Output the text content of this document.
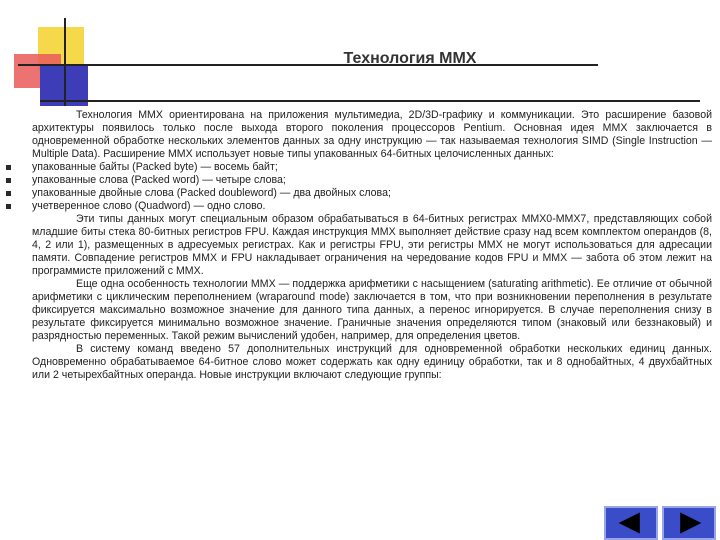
Технология ММХ

Технология MMX ориентирована на приложения мультимедиа, 2D/3D-графику и коммуникации. Это расширение базовой архитектуры появилось только после выхода второго поколения процессоров Pentium. Основная идея MMX заключается в одновременной обработке нескольких элементов данных за одну инструкцию — так называемая технология SIMD (Single Instruction — Multiple Data). Расширение MMX использует новые типы упакованных 64-битных целочисленных данных:

упакованные байты (Packed byte) — восемь байт;
упакованные слова (Packed word) — четыре слова;
упакованные двойные слова (Packed doubleword) — два двойных слова;
учетверенное слово (Quadword) — одно слово.

Эти типы данных могут специальным образом обрабатываться в 64-битных регистрах MMX0-MMX7, представляющих собой младшие биты стека 80-битных регистров FPU. Каждая инструкция MMX выполняет действие сразу над всем комплектом операндов (8, 4, 2 или 1), размещенных в адресуемых регистрах. Как и регистры FPU, эти регистры MMX не могут использоваться для адресации памяти. Совпадение регистров MMX и FPU накладывает ограничения на чередование кодов FPU и MMX — забота об этом лежит на программисте приложений с MMX.

Еще одна особенность технологии MMX — поддержка арифметики с насыщением (saturating arithmetic). Ее отличие от обычной арифметики с циклическим переполнением (wraparound mode) заключается в том, что при возникновении переполнения в результате фиксируется максимально возможное значение для данного типа данных, а перенос игнорируется. В случае переполнения снизу в результате фиксируется минимально возможное значение. Граничные значения определяются типом (знаковый или беззнаковый) и разрядностью переменных. Такой режим вычислений удобен, например, для определения цветов.

В систему команд введено 57 дополнительных инструкций для одновременной обработки нескольких единиц данных. Одновременно обрабатываемое 64-битное слово может содержать как одну единицу обработки, так и 8 однобайтных, 4 двухбайтных или 2 четырехбайтных операнда. Новые инструкции включают следующие группы:
